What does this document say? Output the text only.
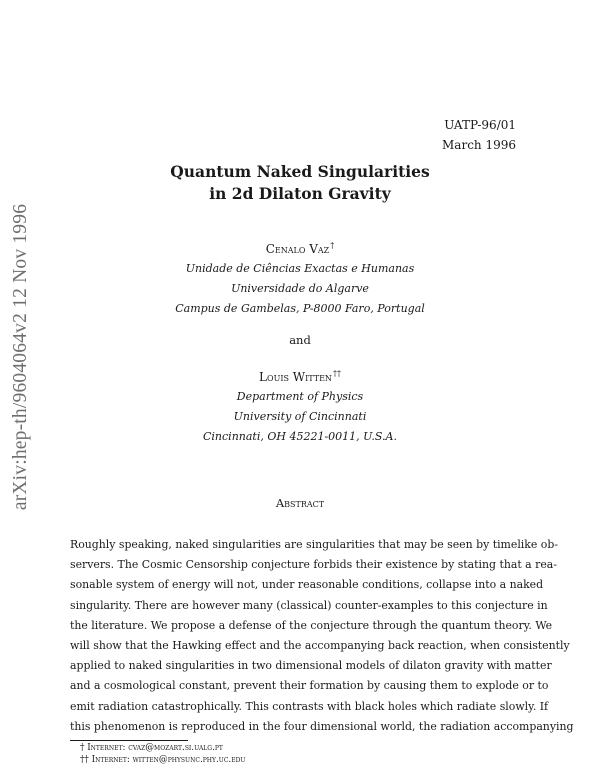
arXiv:hep-th/9604064v2 12 Nov 1996
UATP-96/01
March 1996
Quantum Naked Singularities
in 2d Dilaton Gravity
Cenalo Vaz†
Unidade de Ciências Exactas e Humanas
Universidade do Algarve
Campus de Gambelas, P-8000 Faro, Portugal
and
Louis Witten††
Department of Physics
University of Cincinnati
Cincinnati, OH 45221-0011, U.S.A.
Abstract
Roughly speaking, naked singularities are singularities that may be seen by timelike ob-
servers. The Cosmic Censorship conjecture forbids their existence by stating that a rea-
sonable system of energy will not, under reasonable conditions, collapse into a naked
singularity. There are however many (classical) counter-examples to this conjecture in
the literature. We propose a defense of the conjecture through the quantum theory. We
will show that the Hawking effect and the accompanying back reaction, when consistently
applied to naked singularities in two dimensional models of dilaton gravity with matter
and a cosmological constant, prevent their formation by causing them to explode or to
emit radiation catastrophically. This contrasts with black holes which radiate slowly. If
this phenomenon is reproduced in the four dimensional world, the radiation accompanying
† Internet: cvaz@mozart.si.ualg.pt
†† Internet: witten@physunc.phy.uc.edu
